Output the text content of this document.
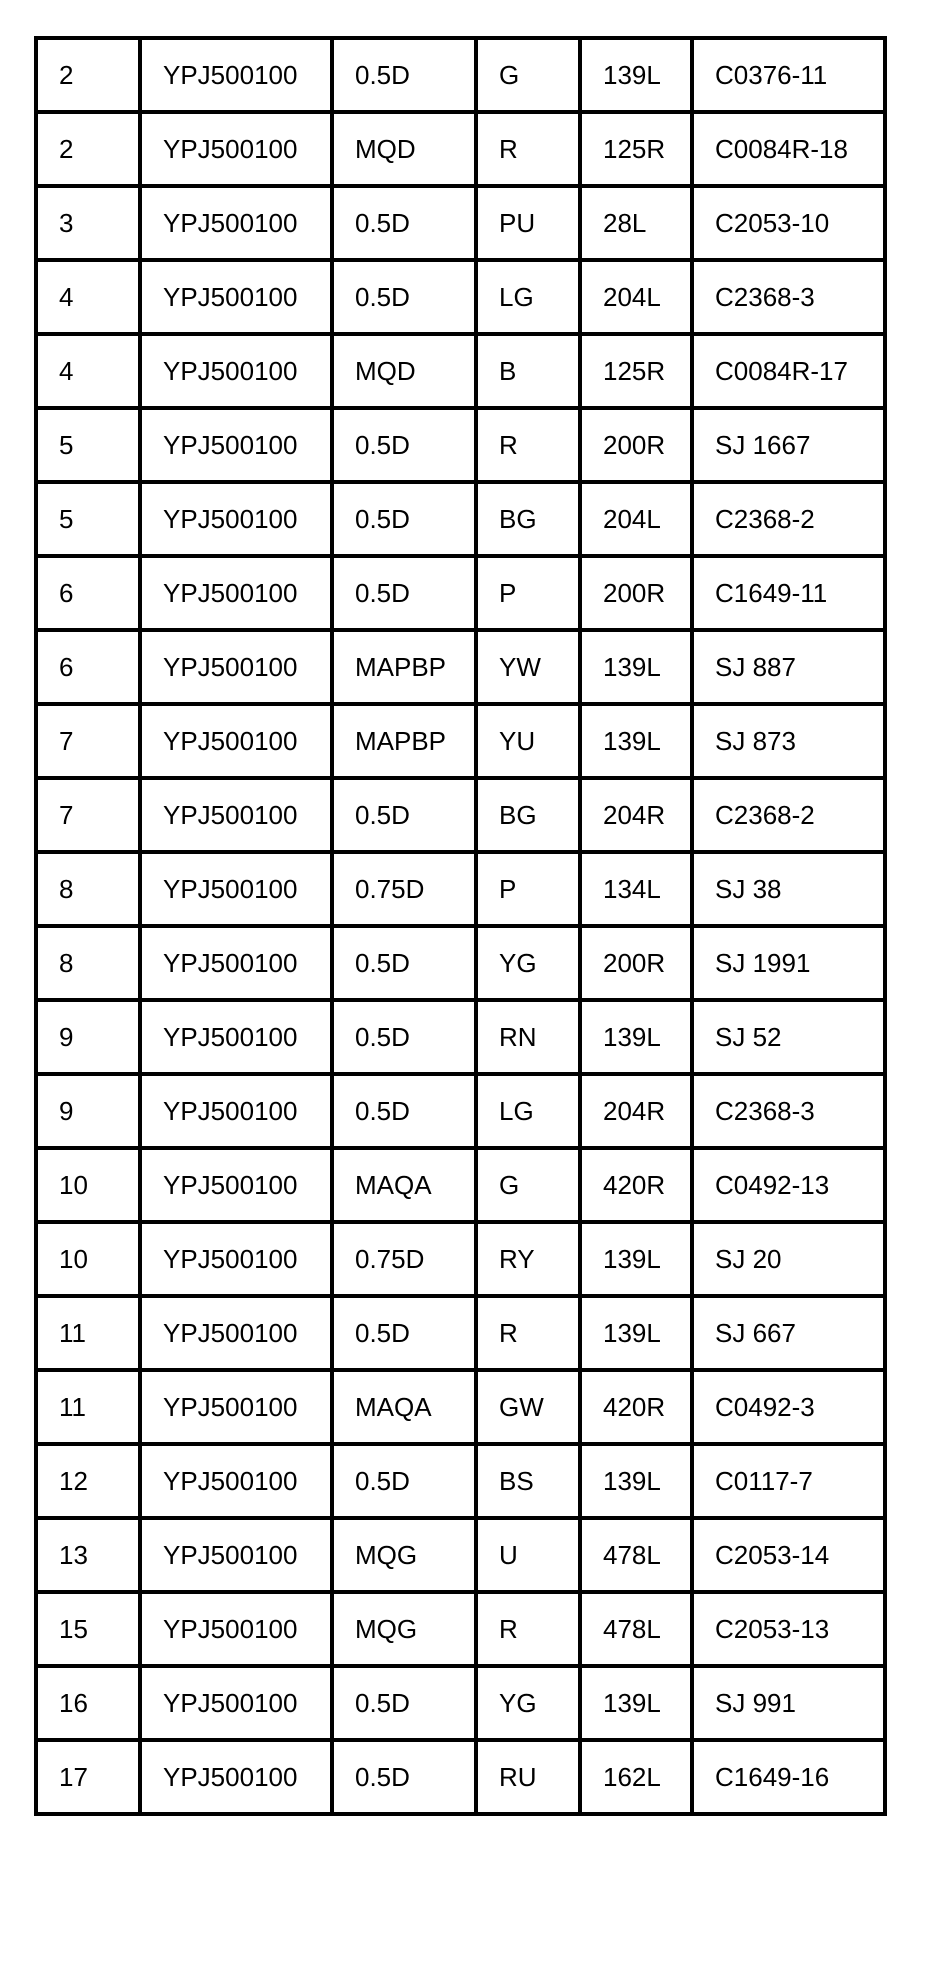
2	YPJ500100	0.5D	G	139L	C0376-11
2	YPJ500100	MQD	R	125R	C0084R-18
3	YPJ500100	0.5D	PU	28L	C2053-10
4	YPJ500100	0.5D	LG	204L	C2368-3
4	YPJ500100	MQD	B	125R	C0084R-17
5	YPJ500100	0.5D	R	200R	SJ 1667
5	YPJ500100	0.5D	BG	204L	C2368-2
6	YPJ500100	0.5D	P	200R	C1649-11
6	YPJ500100	MAPBP	YW	139L	SJ 887
7	YPJ500100	MAPBP	YU	139L	SJ 873
7	YPJ500100	0.5D	BG	204R	C2368-2
8	YPJ500100	0.75D	P	134L	SJ 38
8	YPJ500100	0.5D	YG	200R	SJ 1991
9	YPJ500100	0.5D	RN	139L	SJ 52
9	YPJ500100	0.5D	LG	204R	C2368-3
10	YPJ500100	MAQA	G	420R	C0492-13
10	YPJ500100	0.75D	RY	139L	SJ 20
11	YPJ500100	0.5D	R	139L	SJ 667
11	YPJ500100	MAQA	GW	420R	C0492-3
12	YPJ500100	0.5D	BS	139L	C0117-7
13	YPJ500100	MQG	U	478L	C2053-14
15	YPJ500100	MQG	R	478L	C2053-13
16	YPJ500100	0.5D	YG	139L	SJ 991
17	YPJ500100	0.5D	RU	162L	C1649-16
